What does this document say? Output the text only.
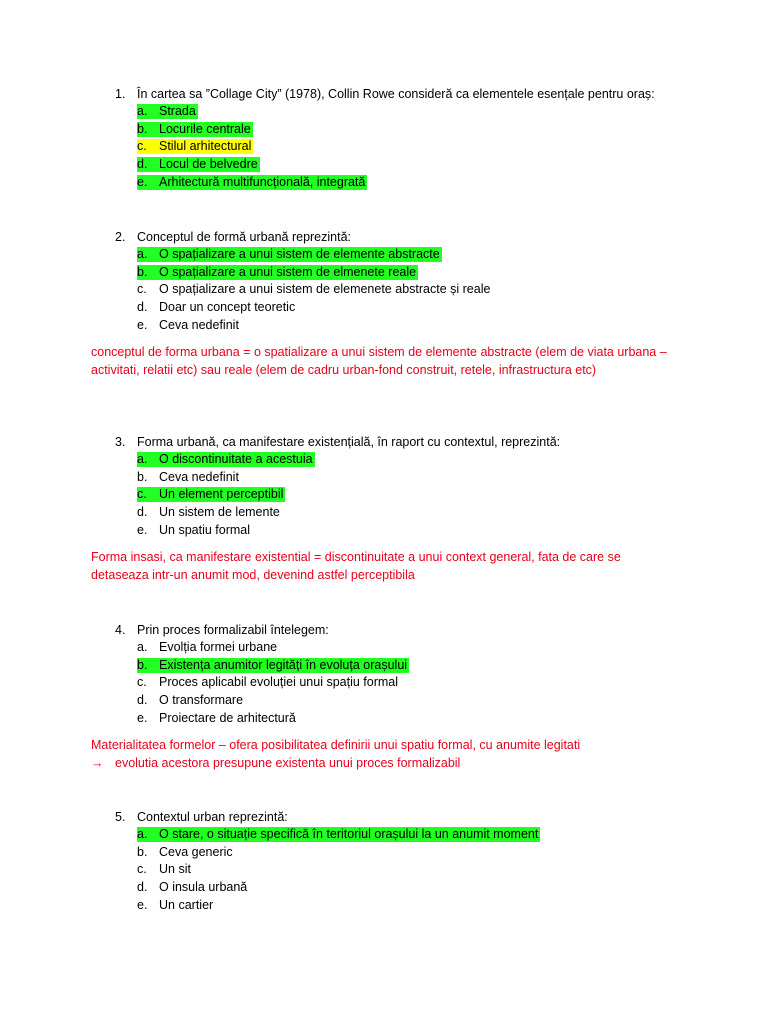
1. În cartea sa ”Collage City” (1978), Collin Rowe consideră ca elementele esențale pentru oraș:
a. Strada
b. Locurile centrale
c. Stilul arhitectural
d. Locul de belvedre
e. Arhitectură multifuncțională, integrată
2. Conceptul de formă urbană reprezintă:
a. O spațializare a unui sistem de elemente abstracte
b. O spațializare a unui sistem de elmenete reale
c. O spațializare a unui sistem de elemenete abstracte și reale
d. Doar un concept teoretic
e. Ceva nedefinit
conceptul de forma urbana = o spatializare a unui sistem de elemente abstracte (elem de viata urbana – activitati, relatii etc) sau reale (elem de cadru urban-fond construit, retele, infrastructura etc)
3. Forma urbană, ca manifestare existențială, în raport cu contextul, reprezintă:
a. O discontinuitate a acestuia
b. Ceva nedefinit
c. Un element perceptibil
d. Un sistem de lemente
e. Un spatiu formal
Forma insasi, ca manifestare existential = discontinuitate a unui context general, fata de care se detaseaza intr-un anumit mod, devenind astfel perceptibila
4. Prin proces formalizabil întelegem:
a. Evolția formei urbane
b. Existența anumitor legități în evoluța orașului
c. Proces aplicabil evoluției unui spațiu formal
d. O transformare
e. Proiectare de arhitectură
Materialitatea formelor – ofera posibilitatea definirii unui spatiu formal, cu anumite legitati
→ evolutia acestora presupune existenta unui proces formalizabil
5. Contextul urban reprezintă:
a. O stare, o situație specifică în teritoriul orașului la un anumit moment
b. Ceva generic
c. Un sit
d. O insula urbană
e. Un cartier
